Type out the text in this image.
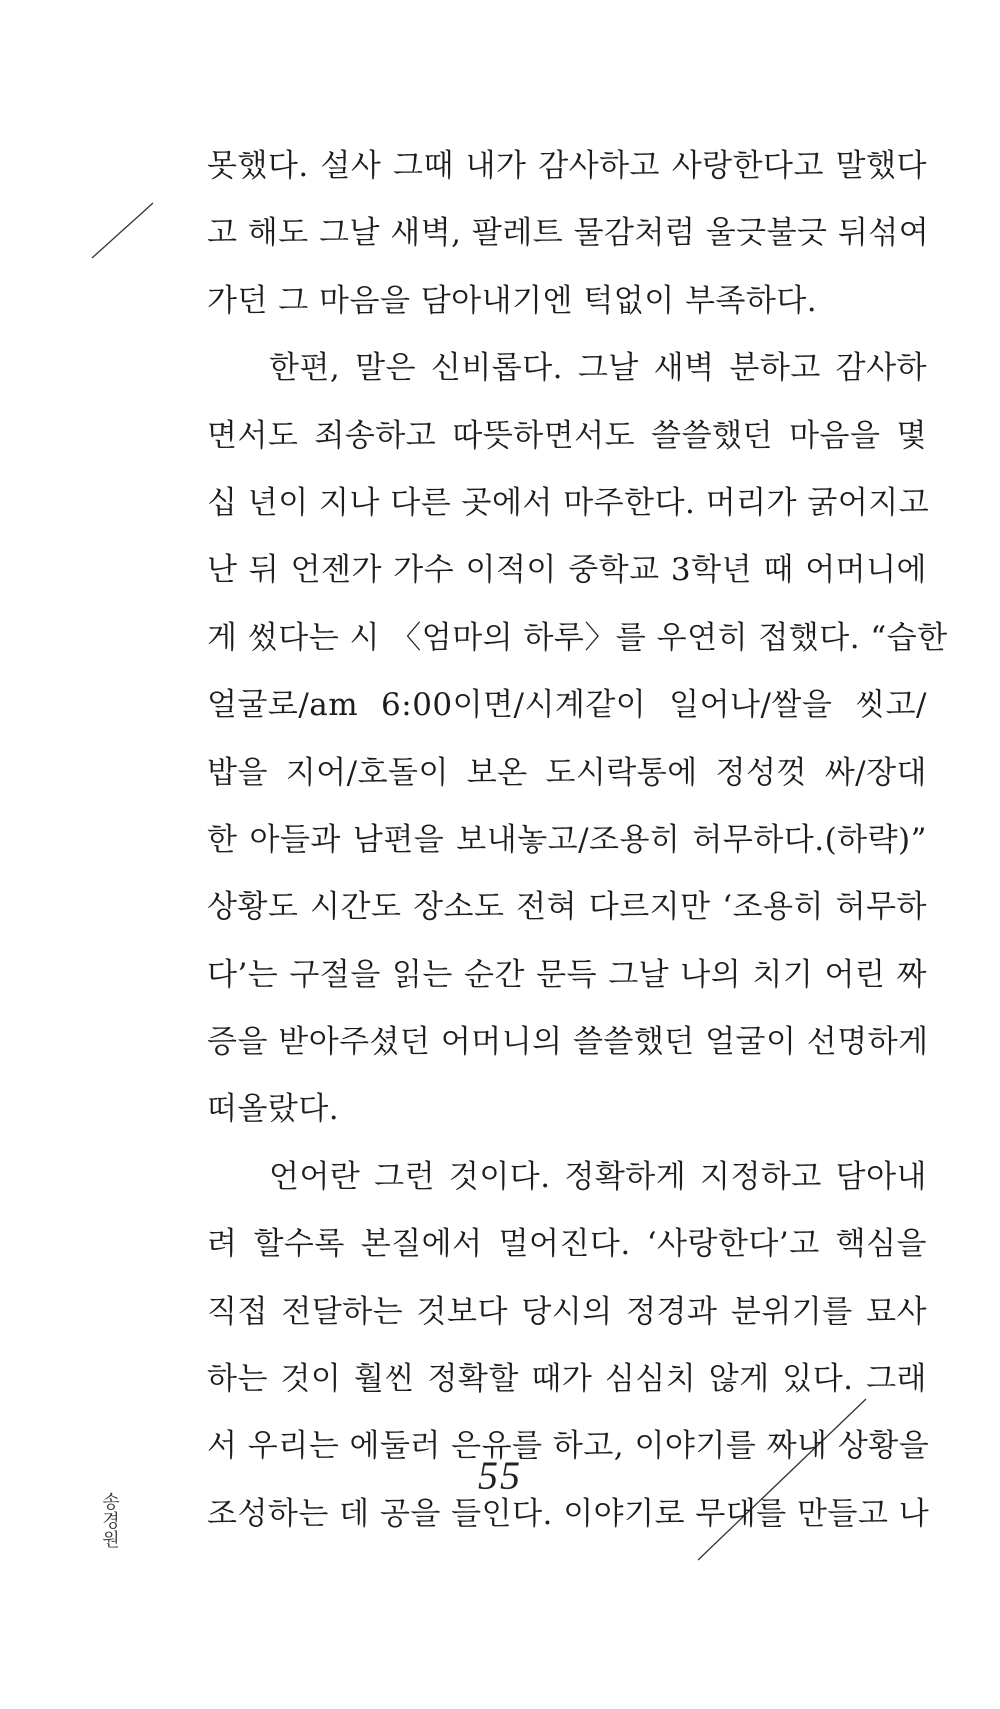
못했다. 설사 그때 내가 감사하고 사랑한다고 말했다
고 해도 그날 새벽, 팔레트 물감처럼 울긋불긋 뒤섞여
가던 그 마음을 담아내기엔 턱없이 부족하다.
한편, 말은 신비롭다. 그날 새벽 분하고 감사하
면서도 죄송하고 따뜻하면서도 쓸쓸했던 마음을 몇
십 년이 지나 다른 곳에서 마주한다. 머리가 굵어지고
난 뒤 언젠가 가수 이적이 중학교 3학년 때 어머니에
게 썼다는 시 〈엄마의 하루〉를 우연히 접했다. “습한
얼굴로/am 6:00이면/시계같이 일어나/쌀을 씻고/
밥을 지어/호돌이 보온 도시락통에 정성껏 싸/장대
한 아들과 남편을 보내놓고/조용히 허무하다.(하략)”
상황도 시간도 장소도 전혀 다르지만 ‘조용히 허무하
다’는 구절을 읽는 순간 문득 그날 나의 치기 어린 짜
증을 받아주셨던 어머니의 쓸쓸했던 얼굴이 선명하게
떠올랐다.
언어란 그런 것이다. 정확하게 지정하고 담아내
려 할수록 본질에서 멀어진다. ‘사랑한다’고 핵심을
직접 전달하는 것보다 당시의 정경과 분위기를 묘사
하는 것이 훨씬 정확할 때가 심심치 않게 있다. 그래
서 우리는 에둘러 은유를 하고, 이야기를 짜내 상황을
조성하는 데 공을 들인다. 이야기로 무대를 만들고 나
55
송경원
